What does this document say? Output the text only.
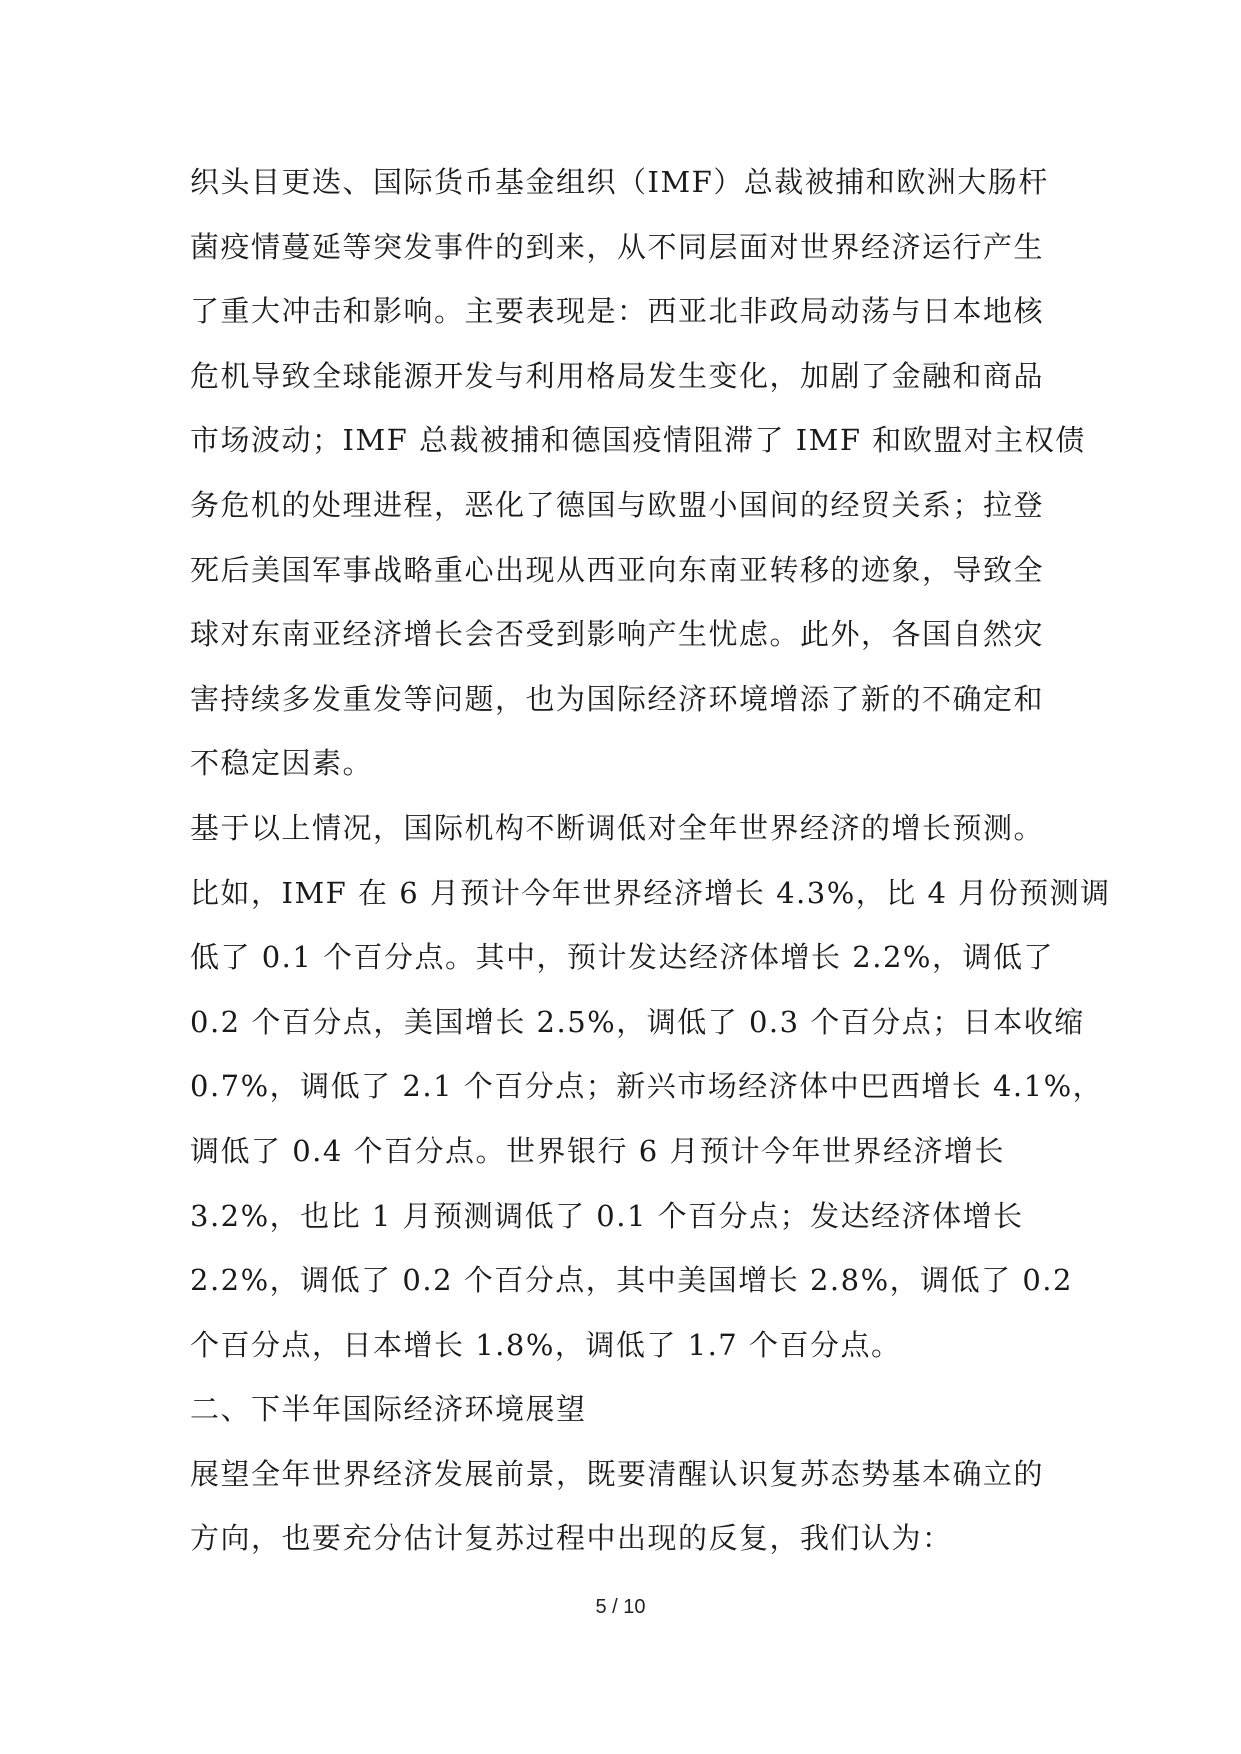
织头目更迭、国际货币基金组织（IMF）总裁被捕和欧洲大肠杆
菌疫情蔓延等突发事件的到来，从不同层面对世界经济运行产生
了重大冲击和影响。主要表现是：西亚北非政局动荡与日本地核
危机导致全球能源开发与利用格局发生变化，加剧了金融和商品
市场波动；IMF 总裁被捕和德国疫情阻滞了 IMF 和欧盟对主权债
务危机的处理进程，恶化了德国与欧盟小国间的经贸关系；拉登
死后美国军事战略重心出现从西亚向东南亚转移的迹象，导致全
球对东南亚经济增长会否受到影响产生忧虑。此外，各国自然灾
害持续多发重发等问题，也为国际经济环境增添了新的不确定和
不稳定因素。
基于以上情况，国际机构不断调低对全年世界经济的增长预测。
比如，IMF 在 6 月预计今年世界经济增长 4.3%，比 4 月份预测调
低了 0.1 个百分点。其中，预计发达经济体增长 2.2%，调低了
0.2 个百分点，美国增长 2.5%，调低了 0.3 个百分点；日本收缩
0.7%，调低了 2.1 个百分点；新兴市场经济体中巴西增长 4.1%，
调低了 0.4 个百分点。世界银行 6 月预计今年世界经济增长
3.2%，也比 1 月预测调低了 0.1 个百分点；发达经济体增长
2.2%，调低了 0.2 个百分点，其中美国增长 2.8%，调低了 0.2
个百分点，日本增长 1.8%，调低了 1.7 个百分点。
二、下半年国际经济环境展望
展望全年世界经济发展前景，既要清醒认识复苏态势基本确立的
方向，也要充分估计复苏过程中出现的反复，我们认为：
5 / 10
